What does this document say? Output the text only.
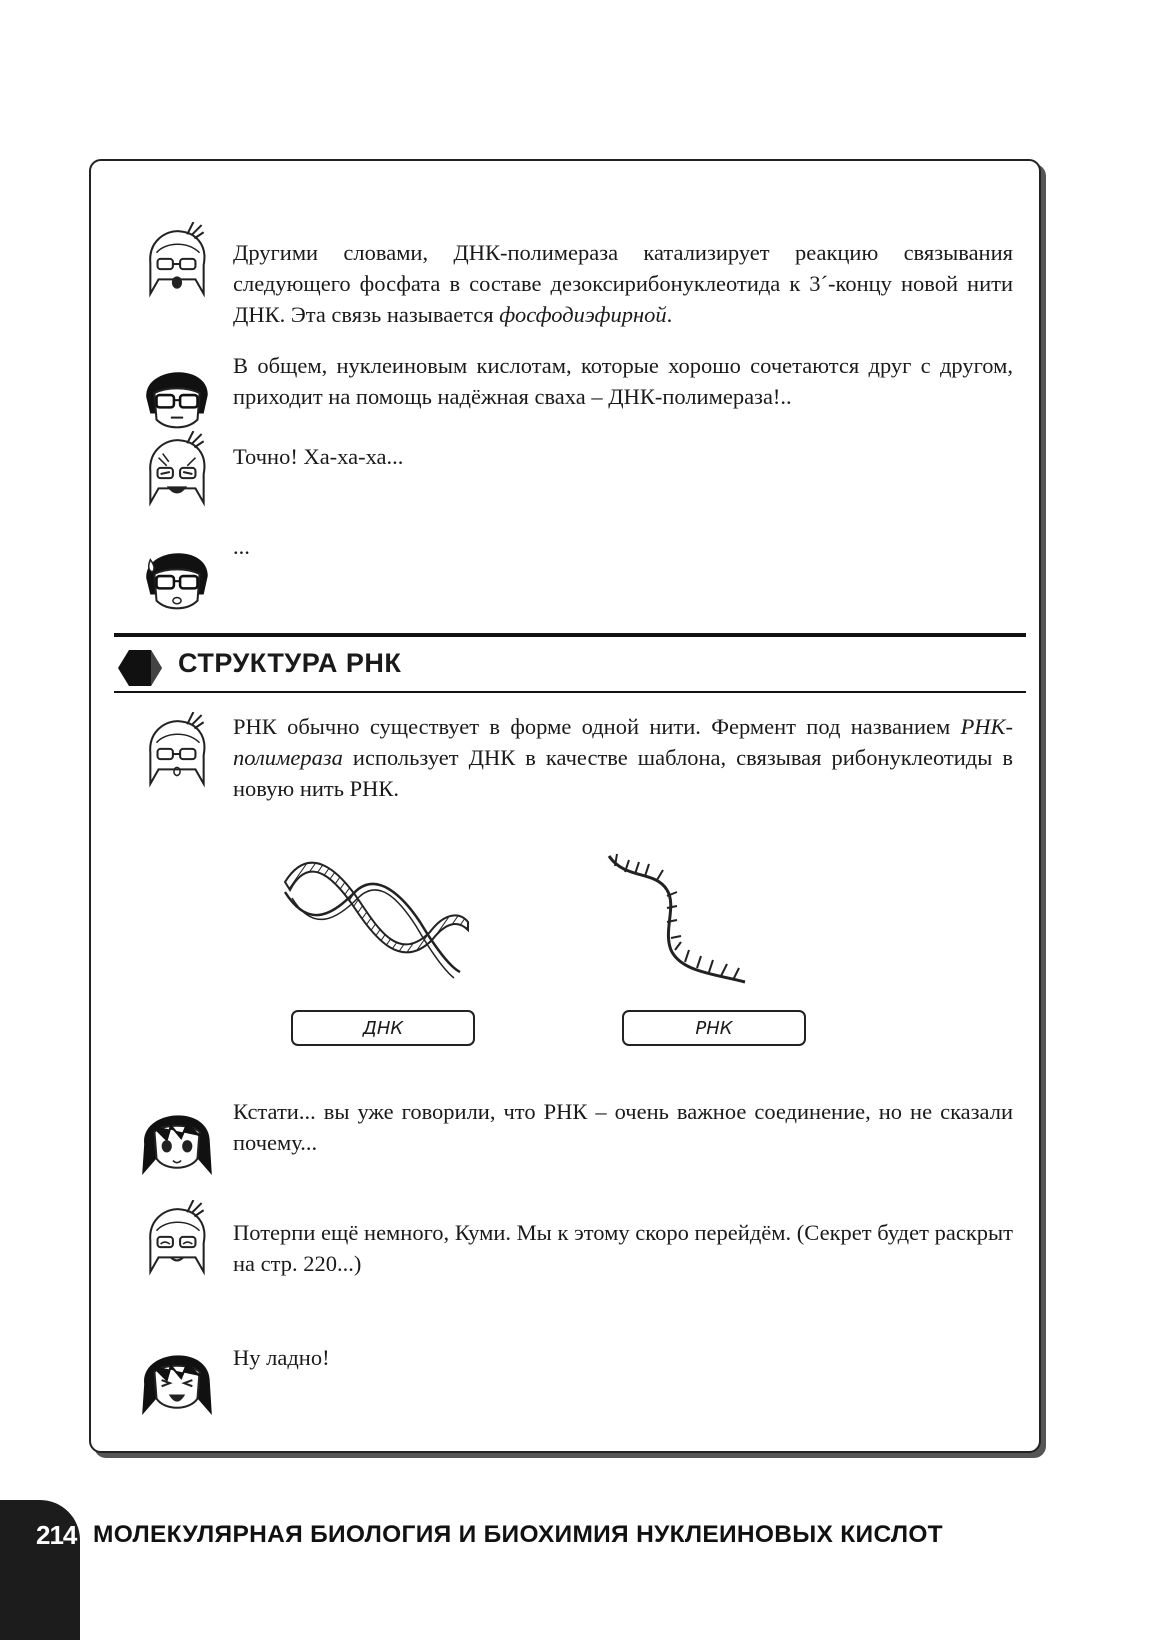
Другими словами, ДНК-полимераза катализирует реакцию связывания следующего фосфата в составе дезоксирибонуклеотида к 3´-концу новой нити ДНК. Эта связь называется фосфодиэфирной.

В общем, нуклеиновым кислотам, которые хорошо сочетаются друг с другом, приходит на помощь надёжная сваха – ДНК-полимераза!..

Точно! Ха-ха-ха...

...

СТРУКТУРА РНК

РНК обычно существует в форме одной нити. Фермент под названием РНК-полимераза использует ДНК в качестве шаблона, связывая рибонуклеотиды в новую нить РНК.

ДНК	РНК

Кстати... вы уже говорили, что РНК – очень важное соединение, но не сказали почему...

Потерпи ещё немного, Куми. Мы к этому скоро перейдём. (Секрет будет раскрыт на стр. 220...)

Ну ладно!

214 МОЛЕКУЛЯРНАЯ БИОЛОГИЯ И БИОХИМИЯ НУКЛЕИНОВЫХ КИСЛОТ
